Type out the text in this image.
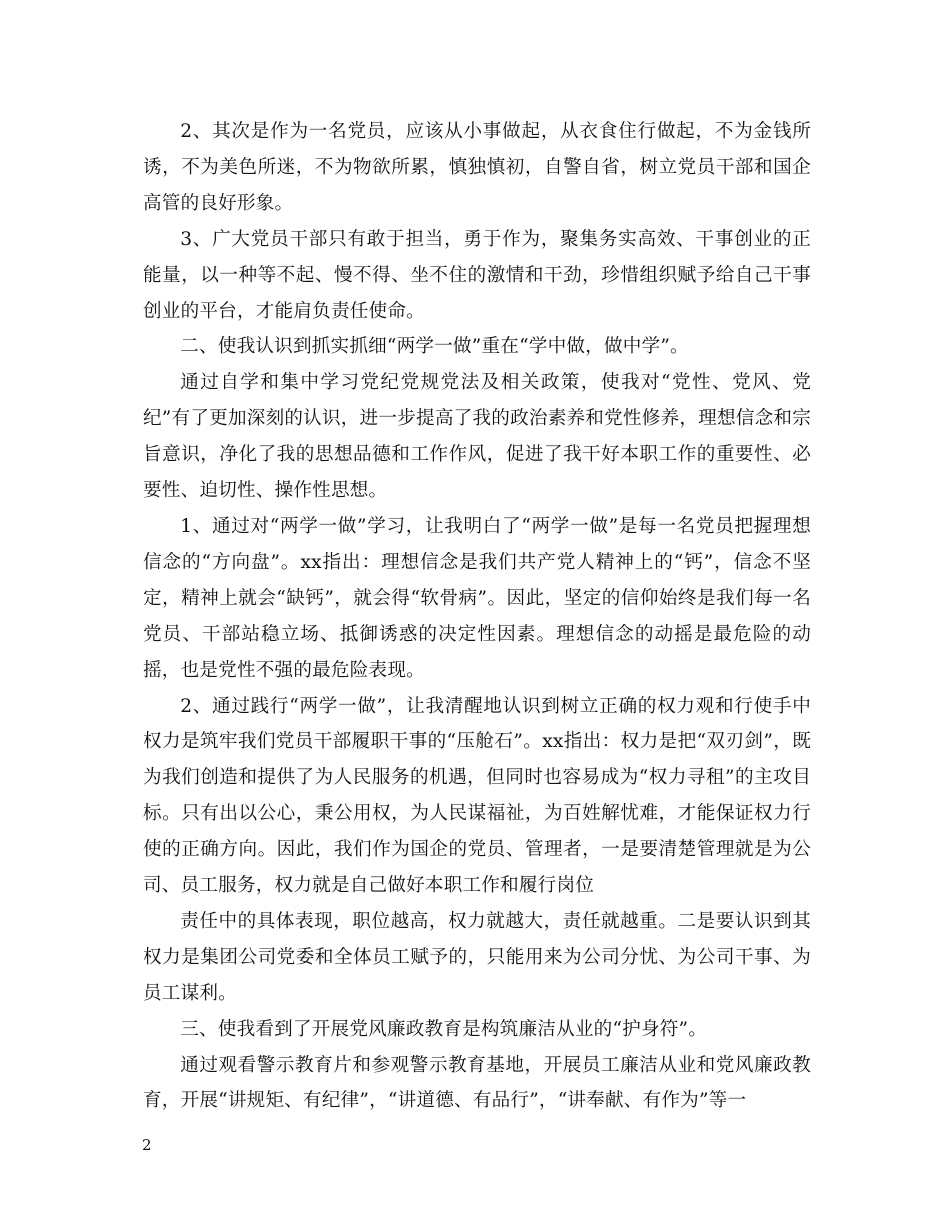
2、其次是作为一名党员，应该从小事做起，从衣食住行做起，不为金钱所诱，不为美色所迷，不为物欲所累，慎独慎初，自警自省，树立党员干部和国企高管的良好形象。

3、广大党员干部只有敢于担当，勇于作为，聚集务实高效、干事创业的正能量，以一种等不起、慢不得、坐不住的激情和干劲，珍惜组织赋予给自己干事创业的平台，才能肩负责任使命。

二、使我认识到抓实抓细“两学一做”重在“学中做，做中学”。

通过自学和集中学习党纪党规党法及相关政策，使我对“党性、党风、党纪”有了更加深刻的认识，进一步提高了我的政治素养和党性修养，理想信念和宗旨意识，净化了我的思想品德和工作作风，促进了我干好本职工作的重要性、必要性、迫切性、操作性思想。

1、通过对“两学一做”学习，让我明白了“两学一做”是每一名党员把握理想信念的“方向盘”。xx指出：理想信念是我们共产党人精神上的“钙”，信念不坚定，精神上就会“缺钙”，就会得“软骨病”。因此，坚定的信仰始终是我们每一名党员、干部站稳立场、抵御诱惑的决定性因素。理想信念的动摇是最危险的动摇，也是党性不强的最危险表现。

2、通过践行“两学一做”，让我清醒地认识到树立正确的权力观和行使手中权力是筑牢我们党员干部履职干事的“压舱石”。xx指出：权力是把“双刃剑”，既为我们创造和提供了为人民服务的机遇，但同时也容易成为“权力寻租”的主攻目标。只有出以公心，秉公用权，为人民谋福祉，为百姓解忧难，才能保证权力行使的正确方向。因此，我们作为国企的党员、管理者，一是要清楚管理就是为公司、员工服务，权力就是自己做好本职工作和履行岗位

责任中的具体表现，职位越高，权力就越大，责任就越重。二是要认识到其权力是集团公司党委和全体员工赋予的，只能用来为公司分忧、为公司干事、为员工谋利。

三、使我看到了开展党风廉政教育是构筑廉洁从业的“护身符”。

通过观看警示教育片和参观警示教育基地，开展员工廉洁从业和党风廉政教育，开展“讲规矩、有纪律”，“讲道德、有品行”，“讲奉献、有作为”等一

2
